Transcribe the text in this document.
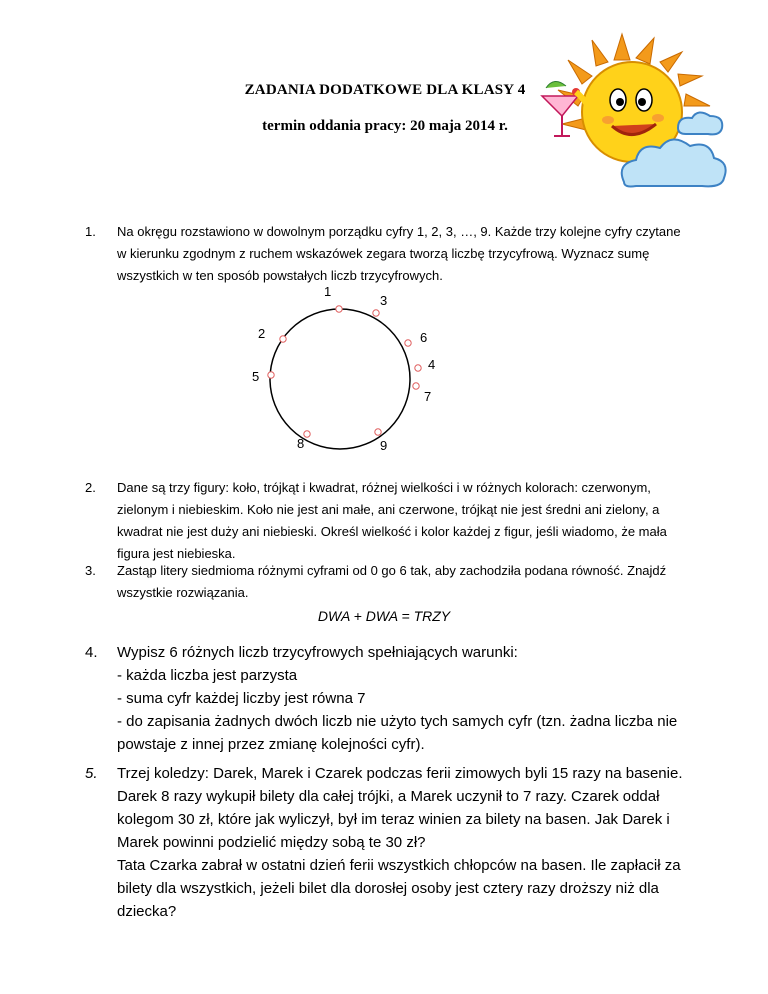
ZADANIA DODATKOWE DLA KLASY 4
termin oddania pracy: 20 maja 2014 r.
1. Na okręgu rozstawiono w dowolnym porządku cyfry 1, 2, 3, …, 9. Każde trzy kolejne cyfry czytane
w kierunku zgodnym z ruchem wskazówek zegara tworzą liczbę trzycyfrową. Wyznacz sumę
wszystkich w ten sposób powstałych liczb trzycyfrowych.
1
3
2	6
4
5
7
8	9
2. Dane są trzy figury: koło, trójkąt i kwadrat, różnej wielkości i w różnych kolorach: czerwonym,
zielonym i niebieskim. Koło nie jest ani małe, ani czerwone, trójkąt nie jest średni ani zielony, a
kwadrat nie jest duży ani niebieski. Określ wielkość i kolor każdej z figur, jeśli wiadomo, że mała
figura jest niebieska.
3. Zastąp litery siedmioma różnymi cyframi od 0 go 6 tak, aby zachodziła podana równość. Znajdź
wszystkie rozwiązania.
DWA + DWA = TRZY
4. Wypisz 6 różnych liczb trzycyfrowych spełniających warunki:
- każda liczba jest parzysta
- suma cyfr każdej liczby jest równa 7
- do zapisania żadnych dwóch liczb nie użyto tych samych cyfr (tzn. żadna liczba nie
powstaje z innej przez zmianę kolejności cyfr).
5. Trzej koledzy: Darek, Marek i Czarek podczas ferii zimowych byli 15 razy na basenie.
Darek 8 razy wykupił bilety dla całej trójki, a Marek uczynił to 7 razy. Czarek oddał
kolegom 30 zł, które jak wyliczył, był im teraz winien za bilety na basen. Jak Darek i
Marek powinni podzielić między sobą te 30 zł?
Tata Czarka zabrał w ostatni dzień ferii wszystkich chłopców na basen. Ile zapłacił za
bilety dla wszystkich, jeżeli bilet dla dorosłej osoby jest cztery razy droższy niż dla
dziecka?
